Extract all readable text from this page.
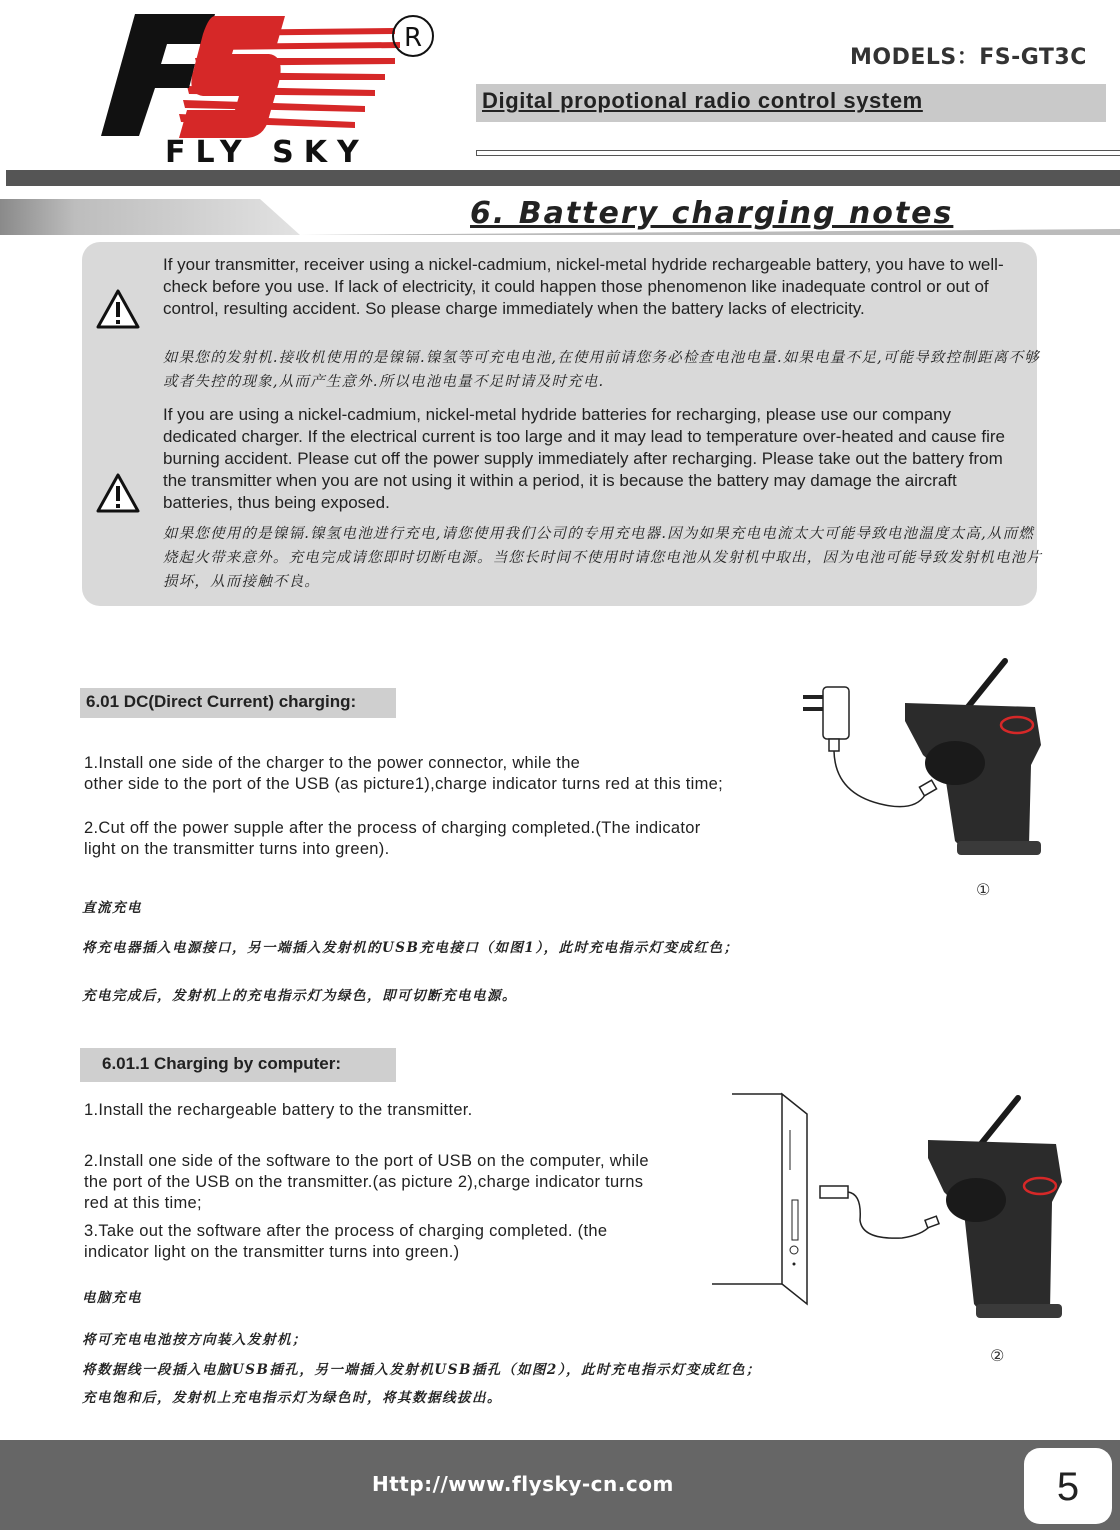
FLY SKY
R
MODELS：FS-GT3C
Digital propotional radio control system
6. Battery charging notes
If your transmitter, receiver using a nickel-cadmium, nickel-metal hydride rechargeable battery, you have to well-check before you use. If lack of electricity, it could happen those phenomenon like inadequate control or out of control, resulting accident. So please charge immediately when the battery lacks of electricity.
如果您的发射机.接收机使用的是镍镉.镍氢等可充电电池,在使用前请您务必检查电池电量.如果电量不足,可能导致控制距离不够或者失控的现象,从而产生意外.所以电池电量不足时请及时充电.
If you are using a nickel-cadmium, nickel-metal hydride batteries for recharging, please use our company dedicated charger. If the electrical current is too large and it may lead to temperature over-heated and cause fire burning accident. Please cut off the power supply immediately after recharging. Please take out the battery from the transmitter when you are not using it within a period, it is because the battery may damage the aircraft batteries, thus being exposed.
如果您使用的是镍镉.镍氢电池进行充电,请您使用我们公司的专用充电器.因为如果充电电流太大可能导致电池温度太高,从而燃烧起火带来意外。充电完成请您即时切断电源。当您长时间不使用时请您电池从发射机中取出，因为电池可能导致发射机电池片损坏，从而接触不良。
6.01 DC(Direct Current) charging:
1.Install one side of the charger to the power connector, while the
other side to the port of the USB (as picture1),charge indicator turns red at this time;
2.Cut off the power supple after the process of charging completed.(The indicator
light on the transmitter turns into green).
直流充电
将充电器插入电源接口，另一端插入发射机的USB充电接口（如图1），此时充电指示灯变成红色；
充电完成后，发射机上的充电指示灯为绿色，即可切断充电电源。
①
6.01.1 Charging by computer:
1.Install the rechargeable battery to the transmitter.
2.Install one side of the software to the port of USB on the computer, while
the port of the USB on the transmitter.(as picture 2),charge indicator turns
red at this time;
3.Take out the software after the process of charging completed. (the
indicator light on the transmitter turns into green.)
电脑充电
将可充电电池按方向装入发射机；
将数据线一段插入电脑USB插孔，另一端插入发射机USB插孔（如图2），此时充电指示灯变成红色；
充电饱和后，发射机上充电指示灯为绿色时，将其数据线拔出。
②
Http://www.flysky-cn.com	5
